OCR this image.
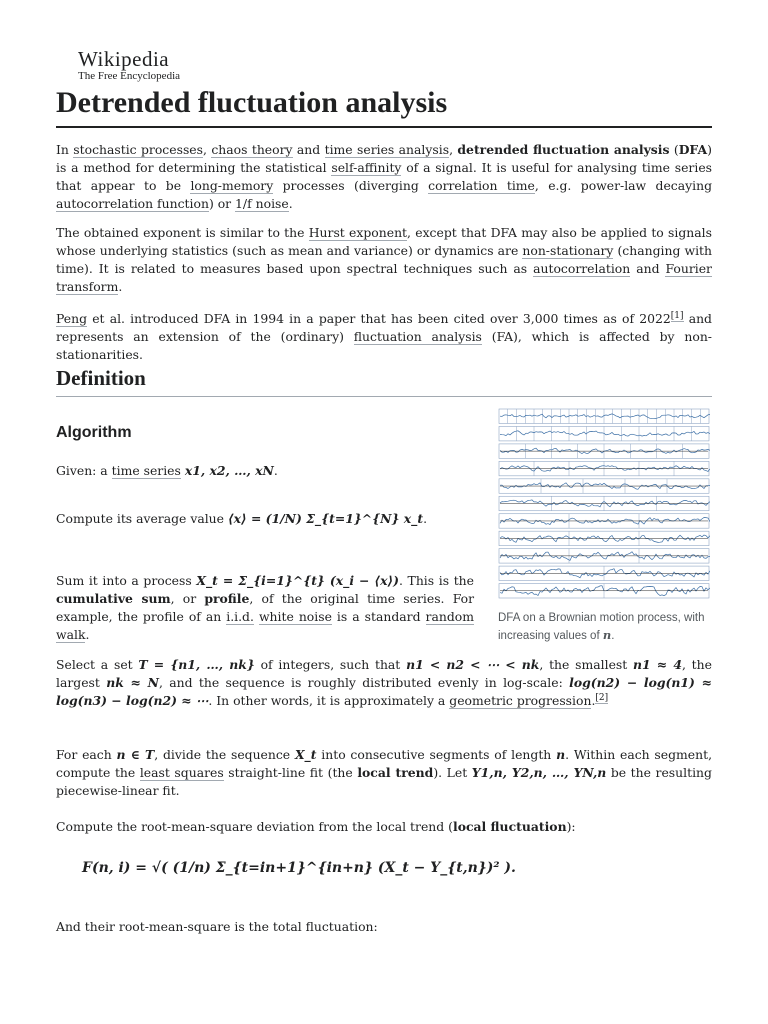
Wikipedia
The Free Encyclopedia
Detrended fluctuation analysis

In stochastic processes, chaos theory and time series analysis, detrended fluctuation analysis (DFA) is a method for determining the statistical self-affinity of a signal. It is useful for analysing time series that appear to be long-memory processes (diverging correlation time, e.g. power-law decaying autocorrelation function) or 1/f noise.

The obtained exponent is similar to the Hurst exponent, except that DFA may also be applied to signals whose underlying statistics (such as mean and variance) or dynamics are non-stationary (changing with time). It is related to measures based upon spectral techniques such as autocorrelation and Fourier transform.

Peng et al. introduced DFA in 1994 in a paper that has been cited over 3,000 times as of 2022[1] and represents an extension of the (ordinary) fluctuation analysis (FA), which is affected by non-stationarities.

Definition
Algorithm
DFA on a Brownian motion process, with increasing values of n.

Given: a time series x1, x2, …, xN.

Compute its average value ⟨x⟩ = (1/N) Σ_{t=1}^{N} x_t.

Sum it into a process X_t = Σ_{i=1}^{t} (x_i − ⟨x⟩). This is the cumulative sum, or profile, of the original time series. For example, the profile of an i.i.d. white noise is a standard random walk.

Select a set T = {n1, …, nk} of integers, such that n1 < n2 < ⋯ < nk, the smallest n1 ≈ 4, the largest nk ≈ N, and the sequence is roughly distributed evenly in log-scale: log(n2) − log(n1) ≈ log(n3) − log(n2) ≈ ⋯. In other words, it is approximately a geometric progression.[2]

For each n ∈ T, divide the sequence X_t into consecutive segments of length n. Within each segment, compute the least squares straight-line fit (the local trend). Let Y1,n, Y2,n, …, YN,n be the resulting piecewise-linear fit.

Compute the root-mean-square deviation from the local trend (local fluctuation):

F(n, i) = √( (1/n) Σ_{t=in+1}^{in+n} (X_t − Y_{t,n})² ).

And their root-mean-square is the total fluctuation:
